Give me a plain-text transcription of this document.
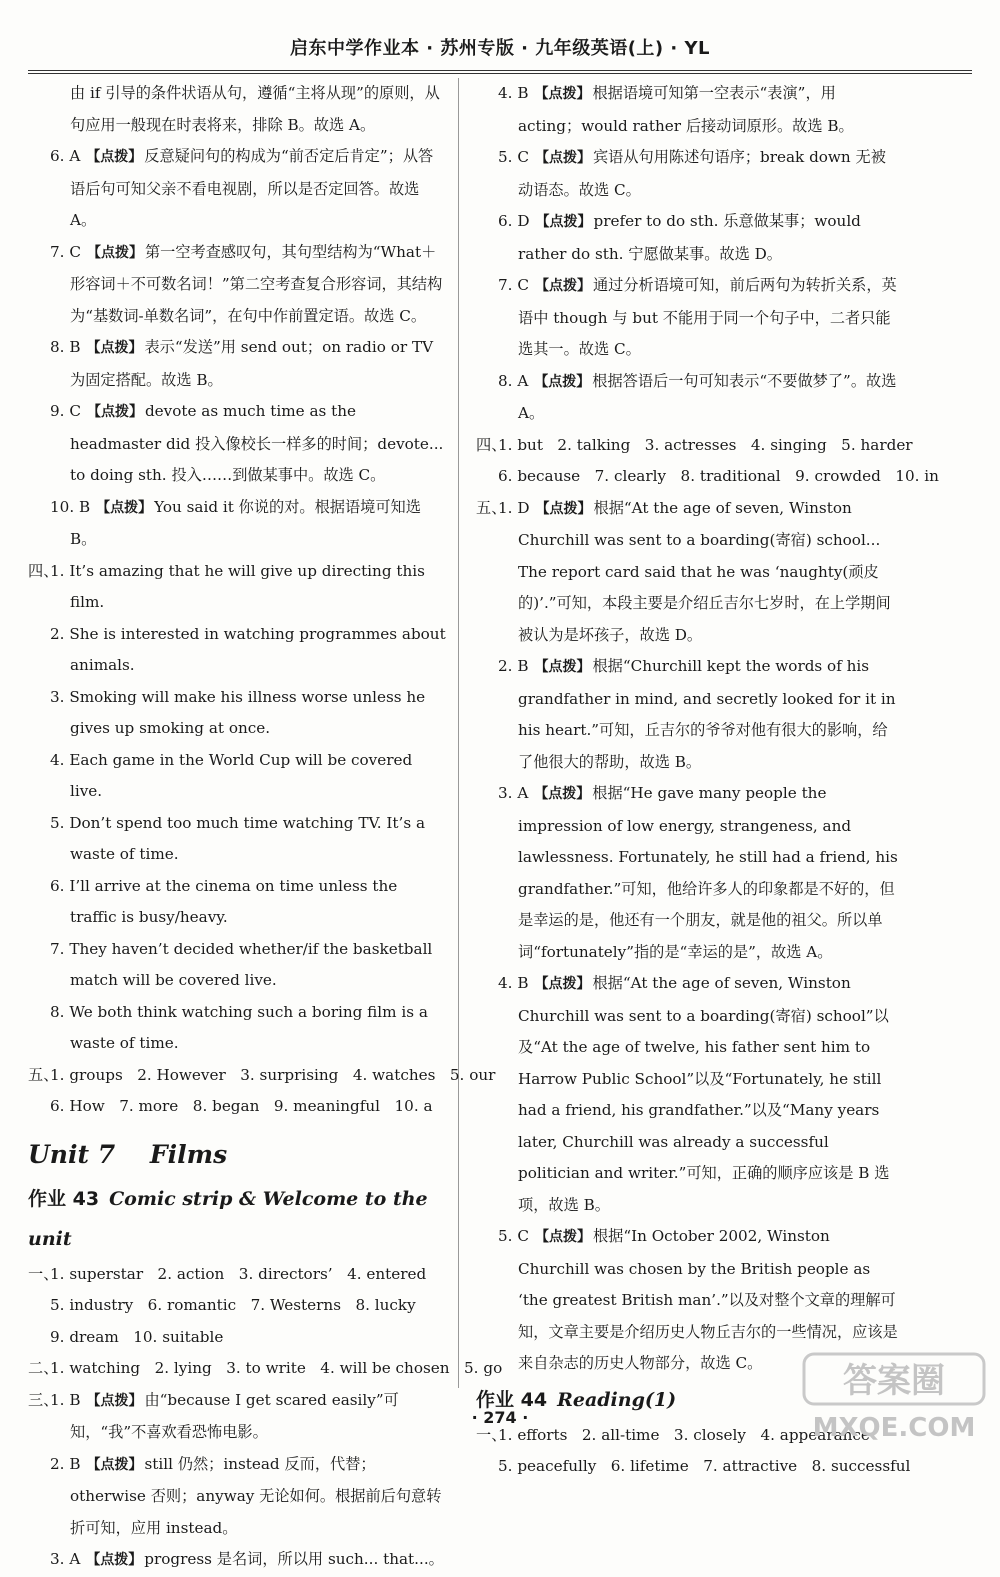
启东中学作业本 · 苏州专版 · 九年级英语(上) · YL

由 if 引导的条件状语从句，遵循“主将从现”的原则，从句应用一般现在时表将来，排除 B。故选 A。

6. A 【点拨】 反意疑问句的构成为“前否定后肯定”；从答语后句可知父亲不看电视剧，所以是否定回答。故选 A。

7. C 【点拨】 第一空考查感叹句，其句型结构为“What＋形容词＋不可数名词！”第二空考查复合形容词，其结构为“基数词-单数名词”，在句中作前置定语。故选 C。

8. B 【点拨】 表示“发送”用 send out；on radio or TV 为固定搭配。故选 B。

9. C 【点拨】 devote as much time as the headmaster did 投入像校长一样多的时间；devote... to doing sth. 投入……到做某事中。故选 C。

10. B 【点拨】 You said it 你说的对。根据语境可知选 B。

四、

1. It’s amazing that he will give up directing this film.

2. She is interested in watching programmes about animals.

3. Smoking will make his illness worse unless he gives up smoking at once.

4. Each game in the World Cup will be covered live.

5. Don’t spend too much time watching TV. It’s a waste of time.

6. I’ll arrive at the cinema on time unless the traffic is busy/heavy.

7. They haven’t decided whether/if the basketball match will be covered live.

8. We both think watching such a boring film is a waste of time.

五、

1. groups   2. However   3. surprising   4. watches   5. our

6. How   7. more   8. began   9. meaningful   10. a

Unit 7    Films
作业 43 Comic strip & Welcome to the unit
一、

1. superstar   2. action   3. directors’   4. entered

5. industry   6. romantic   7. Westerns   8. lucky

9. dream   10. suitable

二、

1. watching   2. lying   3. to write   4. will be chosen   5. go

三、

1. B 【点拨】 由“because I get scared easily”可知，“我”不喜欢看恐怖电影。

2. B 【点拨】 still 仍然；instead 反而，代替；otherwise 否则；anyway 无论如何。根据前后句意转折可知，应用 instead。

3. A 【点拨】 progress 是名词，所以用 such... that...。

4. B 【点拨】 根据语境可知第一空表示“表演”，用 acting；would rather 后接动词原形。故选 B。

5. C 【点拨】 宾语从句用陈述句语序；break down 无被动语态。故选 C。

6. D 【点拨】 prefer to do sth. 乐意做某事；would rather do sth. 宁愿做某事。故选 D。

7. C 【点拨】 通过分析语境可知，前后两句为转折关系，英语中 though 与 but 不能用于同一个句子中，二者只能选其一。故选 C。

8. A 【点拨】 根据答语后一句可知表示“不要做梦了”。故选 A。

四、

1. but   2. talking   3. actresses   4. singing   5. harder

6. because   7. clearly   8. traditional   9. crowded   10. in

五、

1. D 【点拨】 根据“At the age of seven, Winston Churchill was sent to a boarding(寄宿) school... The report card said that he was ‘naughty(顽皮的)’.”可知，本段主要是介绍丘吉尔七岁时，在上学期间被认为是坏孩子，故选 D。

2. B 【点拨】 根据“Churchill kept the words of his grandfather in mind, and secretly looked for it in his heart.”可知，丘吉尔的爷爷对他有很大的影响，给了他很大的帮助，故选 B。

3. A 【点拨】 根据“He gave many people the impression of low energy, strangeness, and lawlessness. Fortunately, he still had a friend, his grandfather.”可知，他给许多人的印象都是不好的，但是幸运的是，他还有一个朋友，就是他的祖父。所以单词“fortunately”指的是“幸运的是”，故选 A。

4. B 【点拨】 根据“At the age of seven, Winston Churchill was sent to a boarding(寄宿) school”以及“At the age of twelve, his father sent him to Harrow Public School”以及“Fortunately, he still had a friend, his grandfather.”以及“Many years later, Churchill was already a successful politician and writer.”可知，正确的顺序应该是 B 选项，故选 B。

5. C 【点拨】 根据“In October 2002, Winston Churchill was chosen by the British people as ‘the greatest British man’.”以及对整个文章的理解可知，文章主要是介绍历史人物丘吉尔的一些情况，应该是来自杂志的历史人物部分，故选 C。

作业 44 Reading(1)
一、

1. efforts   2. all-time   3. closely   4. appearance

5. peacefully   6. lifetime   7. attractive   8. successful

· 274 ·
答案圈
MXQE.COM
